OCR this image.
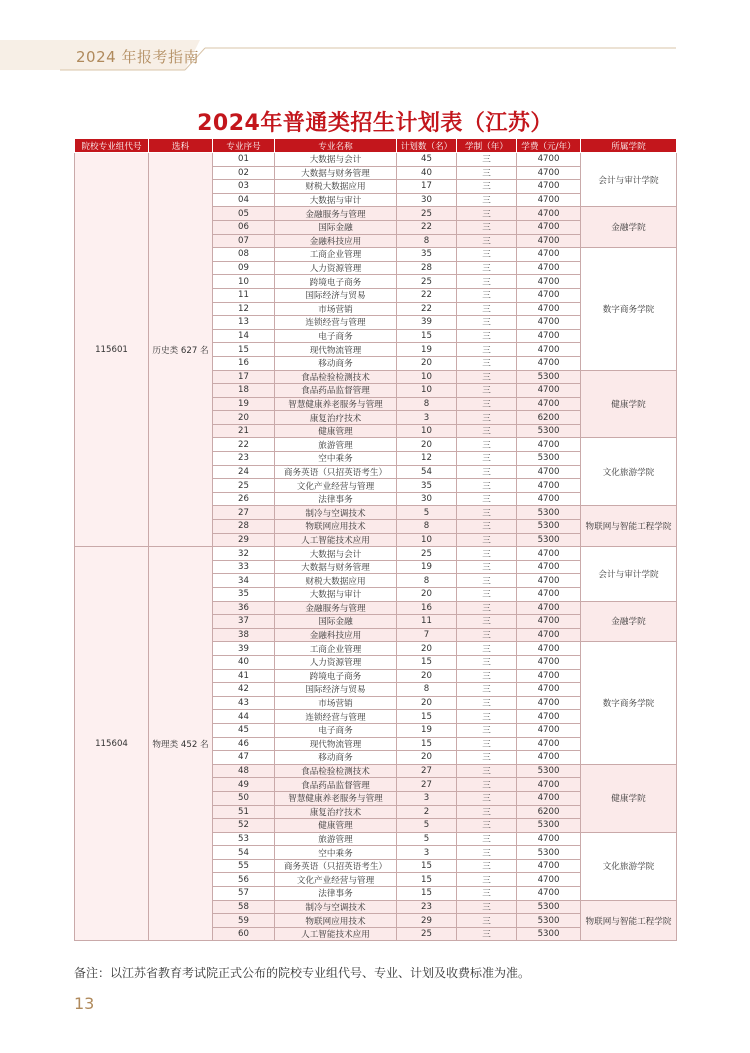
2024 年报考指南
2024年普通类招生计划表（江苏）
院校专业组代号	选科	专业序号	专业名称	计划数（名）	学制（年）	学费（元/年）	所属学院
115601	历史类 627 名	01	大数据与会计	45	三	4700	会计与审计学院
		02	大数据与财务管理	40	三	4700	
		03	财税大数据应用	17	三	4700	
		04	大数据与审计	30	三	4700	
		05	金融服务与管理	25	三	4700	金融学院
		06	国际金融	22	三	4700	
		07	金融科技应用	8	三	4700	
		08	工商企业管理	35	三	4700	数字商务学院
		09	人力资源管理	28	三	4700	
		10	跨境电子商务	25	三	4700	
		11	国际经济与贸易	22	三	4700	
		12	市场营销	22	三	4700	
		13	连锁经营与管理	39	三	4700	
		14	电子商务	15	三	4700	
		15	现代物流管理	19	三	4700	
		16	移动商务	20	三	4700	
		17	食品检验检测技术	10	三	5300	健康学院
		18	食品药品监督管理	10	三	4700	
		19	智慧健康养老服务与管理	8	三	4700	
		20	康复治疗技术	3	三	6200	
		21	健康管理	10	三	5300	
		22	旅游管理	20	三	4700	文化旅游学院
		23	空中乘务	12	三	5300	
		24	商务英语（只招英语考生）	54	三	4700	
		25	文化产业经营与管理	35	三	4700	
		26	法律事务	30	三	4700	
		27	制冷与空调技术	5	三	5300	物联网与智能工程学院
		28	物联网应用技术	8	三	5300	
		29	人工智能技术应用	10	三	5300	
115604	物理类 452 名	32	大数据与会计	25	三	4700	会计与审计学院
		33	大数据与财务管理	19	三	4700	
		34	财税大数据应用	8	三	4700	
		35	大数据与审计	20	三	4700	
		36	金融服务与管理	16	三	4700	金融学院
		37	国际金融	11	三	4700	
		38	金融科技应用	7	三	4700	
		39	工商企业管理	20	三	4700	数字商务学院
		40	人力资源管理	15	三	4700	
		41	跨境电子商务	20	三	4700	
		42	国际经济与贸易	8	三	4700	
		43	市场营销	20	三	4700	
		44	连锁经营与管理	15	三	4700	
		45	电子商务	19	三	4700	
		46	现代物流管理	15	三	4700	
		47	移动商务	20	三	4700	
		48	食品检验检测技术	27	三	5300	健康学院
		49	食品药品监督管理	27	三	4700	
		50	智慧健康养老服务与管理	3	三	4700	
		51	康复治疗技术	2	三	6200	
		52	健康管理	5	三	5300	
		53	旅游管理	5	三	4700	文化旅游学院
		54	空中乘务	3	三	5300	
		55	商务英语（只招英语考生）	15	三	4700	
		56	文化产业经营与管理	15	三	4700	
		57	法律事务	15	三	4700	
		58	制冷与空调技术	23	三	5300	物联网与智能工程学院
		59	物联网应用技术	29	三	5300	
		60	人工智能技术应用	25	三	5300	
备注：以江苏省教育考试院正式公布的院校专业组代号、专业、计划及收费标准为准。
13
